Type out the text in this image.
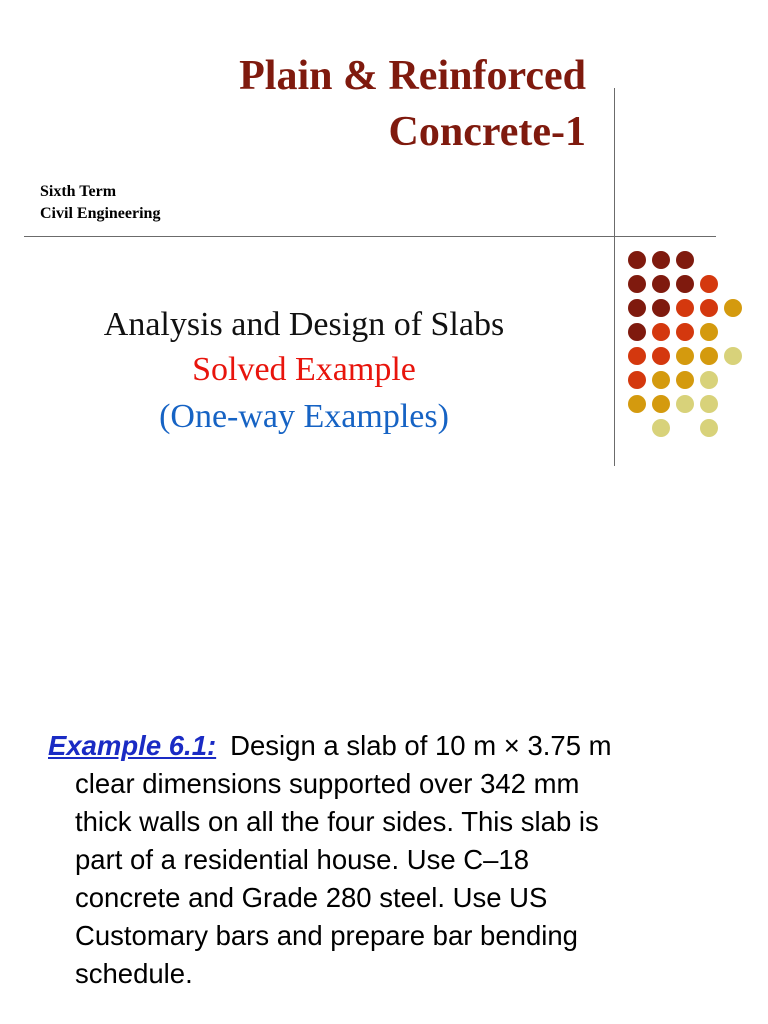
Plain & Reinforced
Concrete-1
Sixth Term
Civil Engineering
Analysis and Design of Slabs
Solved Example
(One-way Examples)
Example 6.1: Design a slab of 10 m × 3.75 m
clear dimensions supported over 342 mm
thick walls on all the four sides. This slab is
part of a residential house. Use C–18
concrete and Grade 280 steel. Use US
Customary bars and prepare bar bending
schedule.
